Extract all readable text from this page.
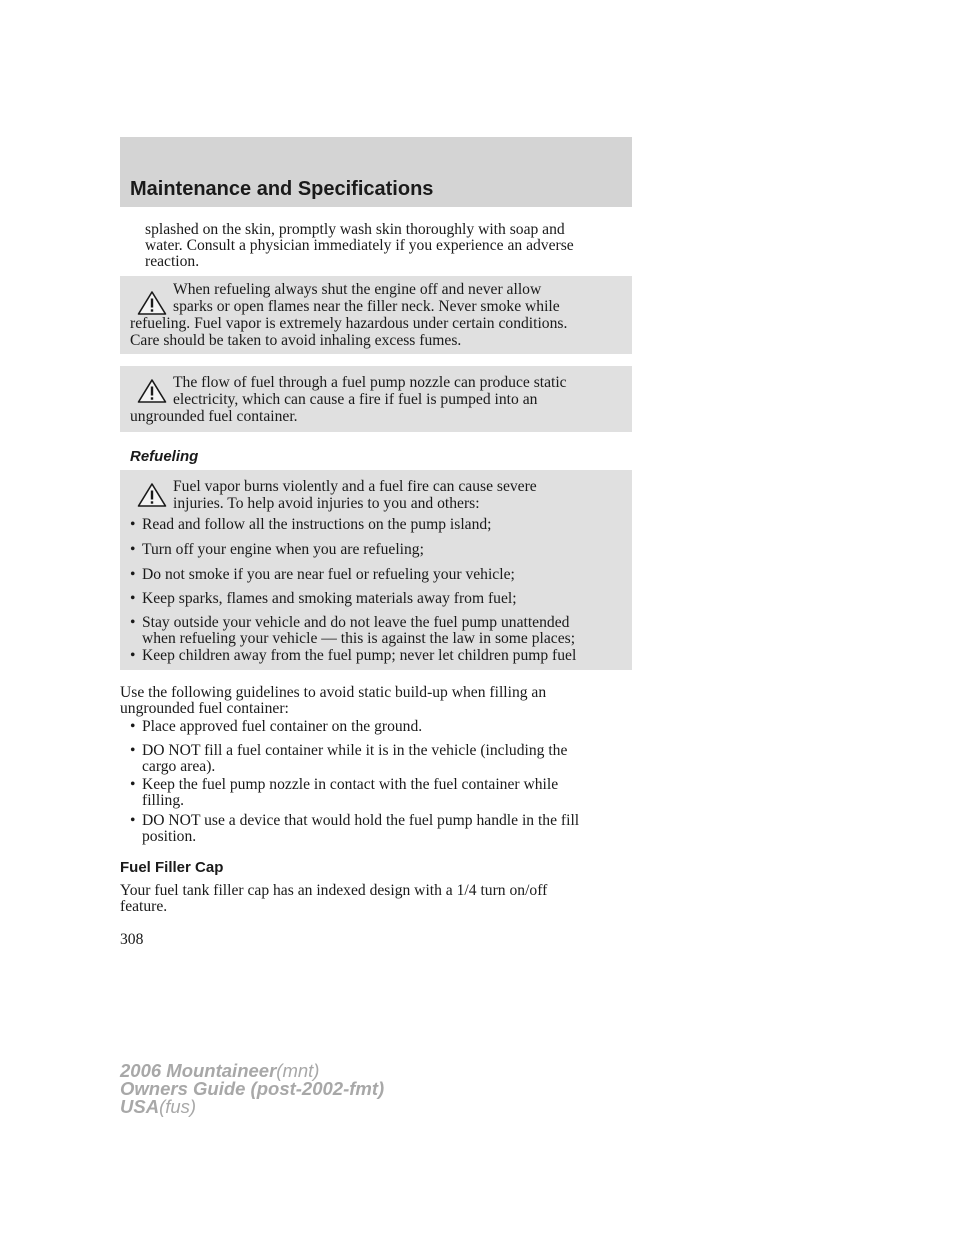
Maintenance and Specifications
splashed on the skin, promptly wash skin thoroughly with soap and
water. Consult a physician immediately if you experience an adverse
reaction.
When refueling always shut the engine off and never allow
sparks or open flames near the filler neck. Never smoke while
refueling. Fuel vapor is extremely hazardous under certain conditions.
Care should be taken to avoid inhaling excess fumes.
The flow of fuel through a fuel pump nozzle can produce static
electricity, which can cause a fire if fuel is pumped into an
ungrounded fuel container.
Refueling
Fuel vapor burns violently and a fuel fire can cause severe
injuries. To help avoid injuries to you and others:
• Read and follow all the instructions on the pump island;
• Turn off your engine when you are refueling;
• Do not smoke if you are near fuel or refueling your vehicle;
• Keep sparks, flames and smoking materials away from fuel;
• Stay outside your vehicle and do not leave the fuel pump unattended
when refueling your vehicle — this is against the law in some places;
• Keep children away from the fuel pump; never let children pump fuel
Use the following guidelines to avoid static build-up when filling an
ungrounded fuel container:
• Place approved fuel container on the ground.
• DO NOT fill a fuel container while it is in the vehicle (including the
cargo area).
• Keep the fuel pump nozzle in contact with the fuel container while
filling.
• DO NOT use a device that would hold the fuel pump handle in the fill
position.
Fuel Filler Cap
Your fuel tank filler cap has an indexed design with a 1/4 turn on/off
feature.
308
2006 Mountaineer(mnt)
Owners Guide (post-2002-fmt)
USA(fus)
